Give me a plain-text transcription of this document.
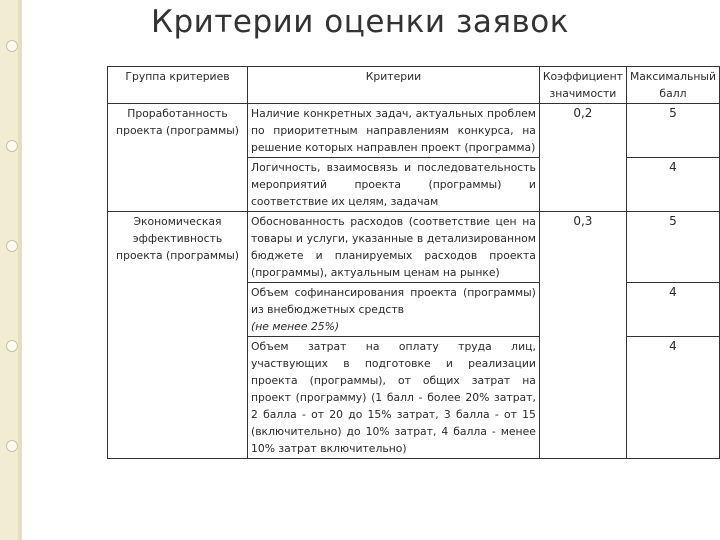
Критерии оценки заявок
Группа критериев	Критерии	Коэффициент значимости	Максимальный балл
Проработанность проекта (программы)	Наличие конкретных задач, актуальных проблем по приоритетным направлениям конкурса, на решение которых направлен проект (программа)	0,2	5
	Логичность, взаимосвязь и последовательность мероприятий проекта (программы) и соответствие их целям, задачам		4
Экономическая эффективность проекта (программы)	Обоснованность расходов (соответствие цен на товары и услуги, указанные в детализированном бюджете и планируемых расходов проекта (программы), актуальным ценам на рынке)	0,3	5
	Объем софинансирования проекта (программы) из внебюджетных средств
(не менее 25%)		4
	Объем затрат на оплату труда лиц, участвующих в подготовке и реализации проекта (программы), от общих затрат на проект (программу) (1 балл - более 20% затрат, 2 балла - от 20 до 15% затрат, 3 балла - от 15 (включительно) до 10% затрат, 4 балла - менее 10% затрат включительно)		4
